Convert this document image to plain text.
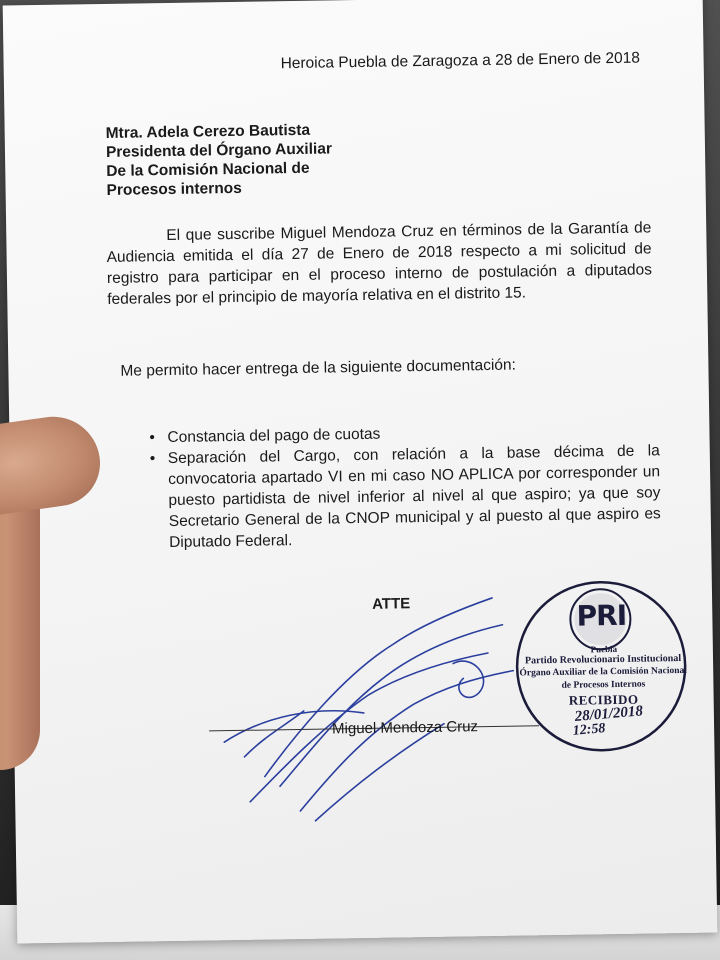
Heroica Puebla de Zaragoza a 28 de Enero de 2018
Mtra. Adela Cerezo Bautista
Presidenta del Órgano Auxiliar
De la Comisión Nacional de
Procesos internos
El que suscribe Miguel Mendoza Cruz en términos de la Garantía de Audiencia emitida el día 27 de Enero de 2018 respecto a mi solicitud de registro para participar en el proceso interno de postulación a diputados federales por el principio de mayoría relativa en el distrito 15.
Me permito hacer entrega de la siguiente documentación:
• Constancia del pago de cuotas
• Separación del Cargo, con relación a la base décima de la convocatoria apartado VI en mi caso NO APLICA por corresponder un puesto partidista de nivel inferior al nivel al que aspiro; ya que soy Secretario General de la CNOP municipal y al puesto al que aspiro es Diputado Federal.
ATTE
Miguel Mendoza Cruz
PRI
Puebla
Partido Revolucionario Institucional
Órgano Auxiliar de la Comisión Nacional
de Procesos Internos
RECIBIDO
28/01/2018
12:58
